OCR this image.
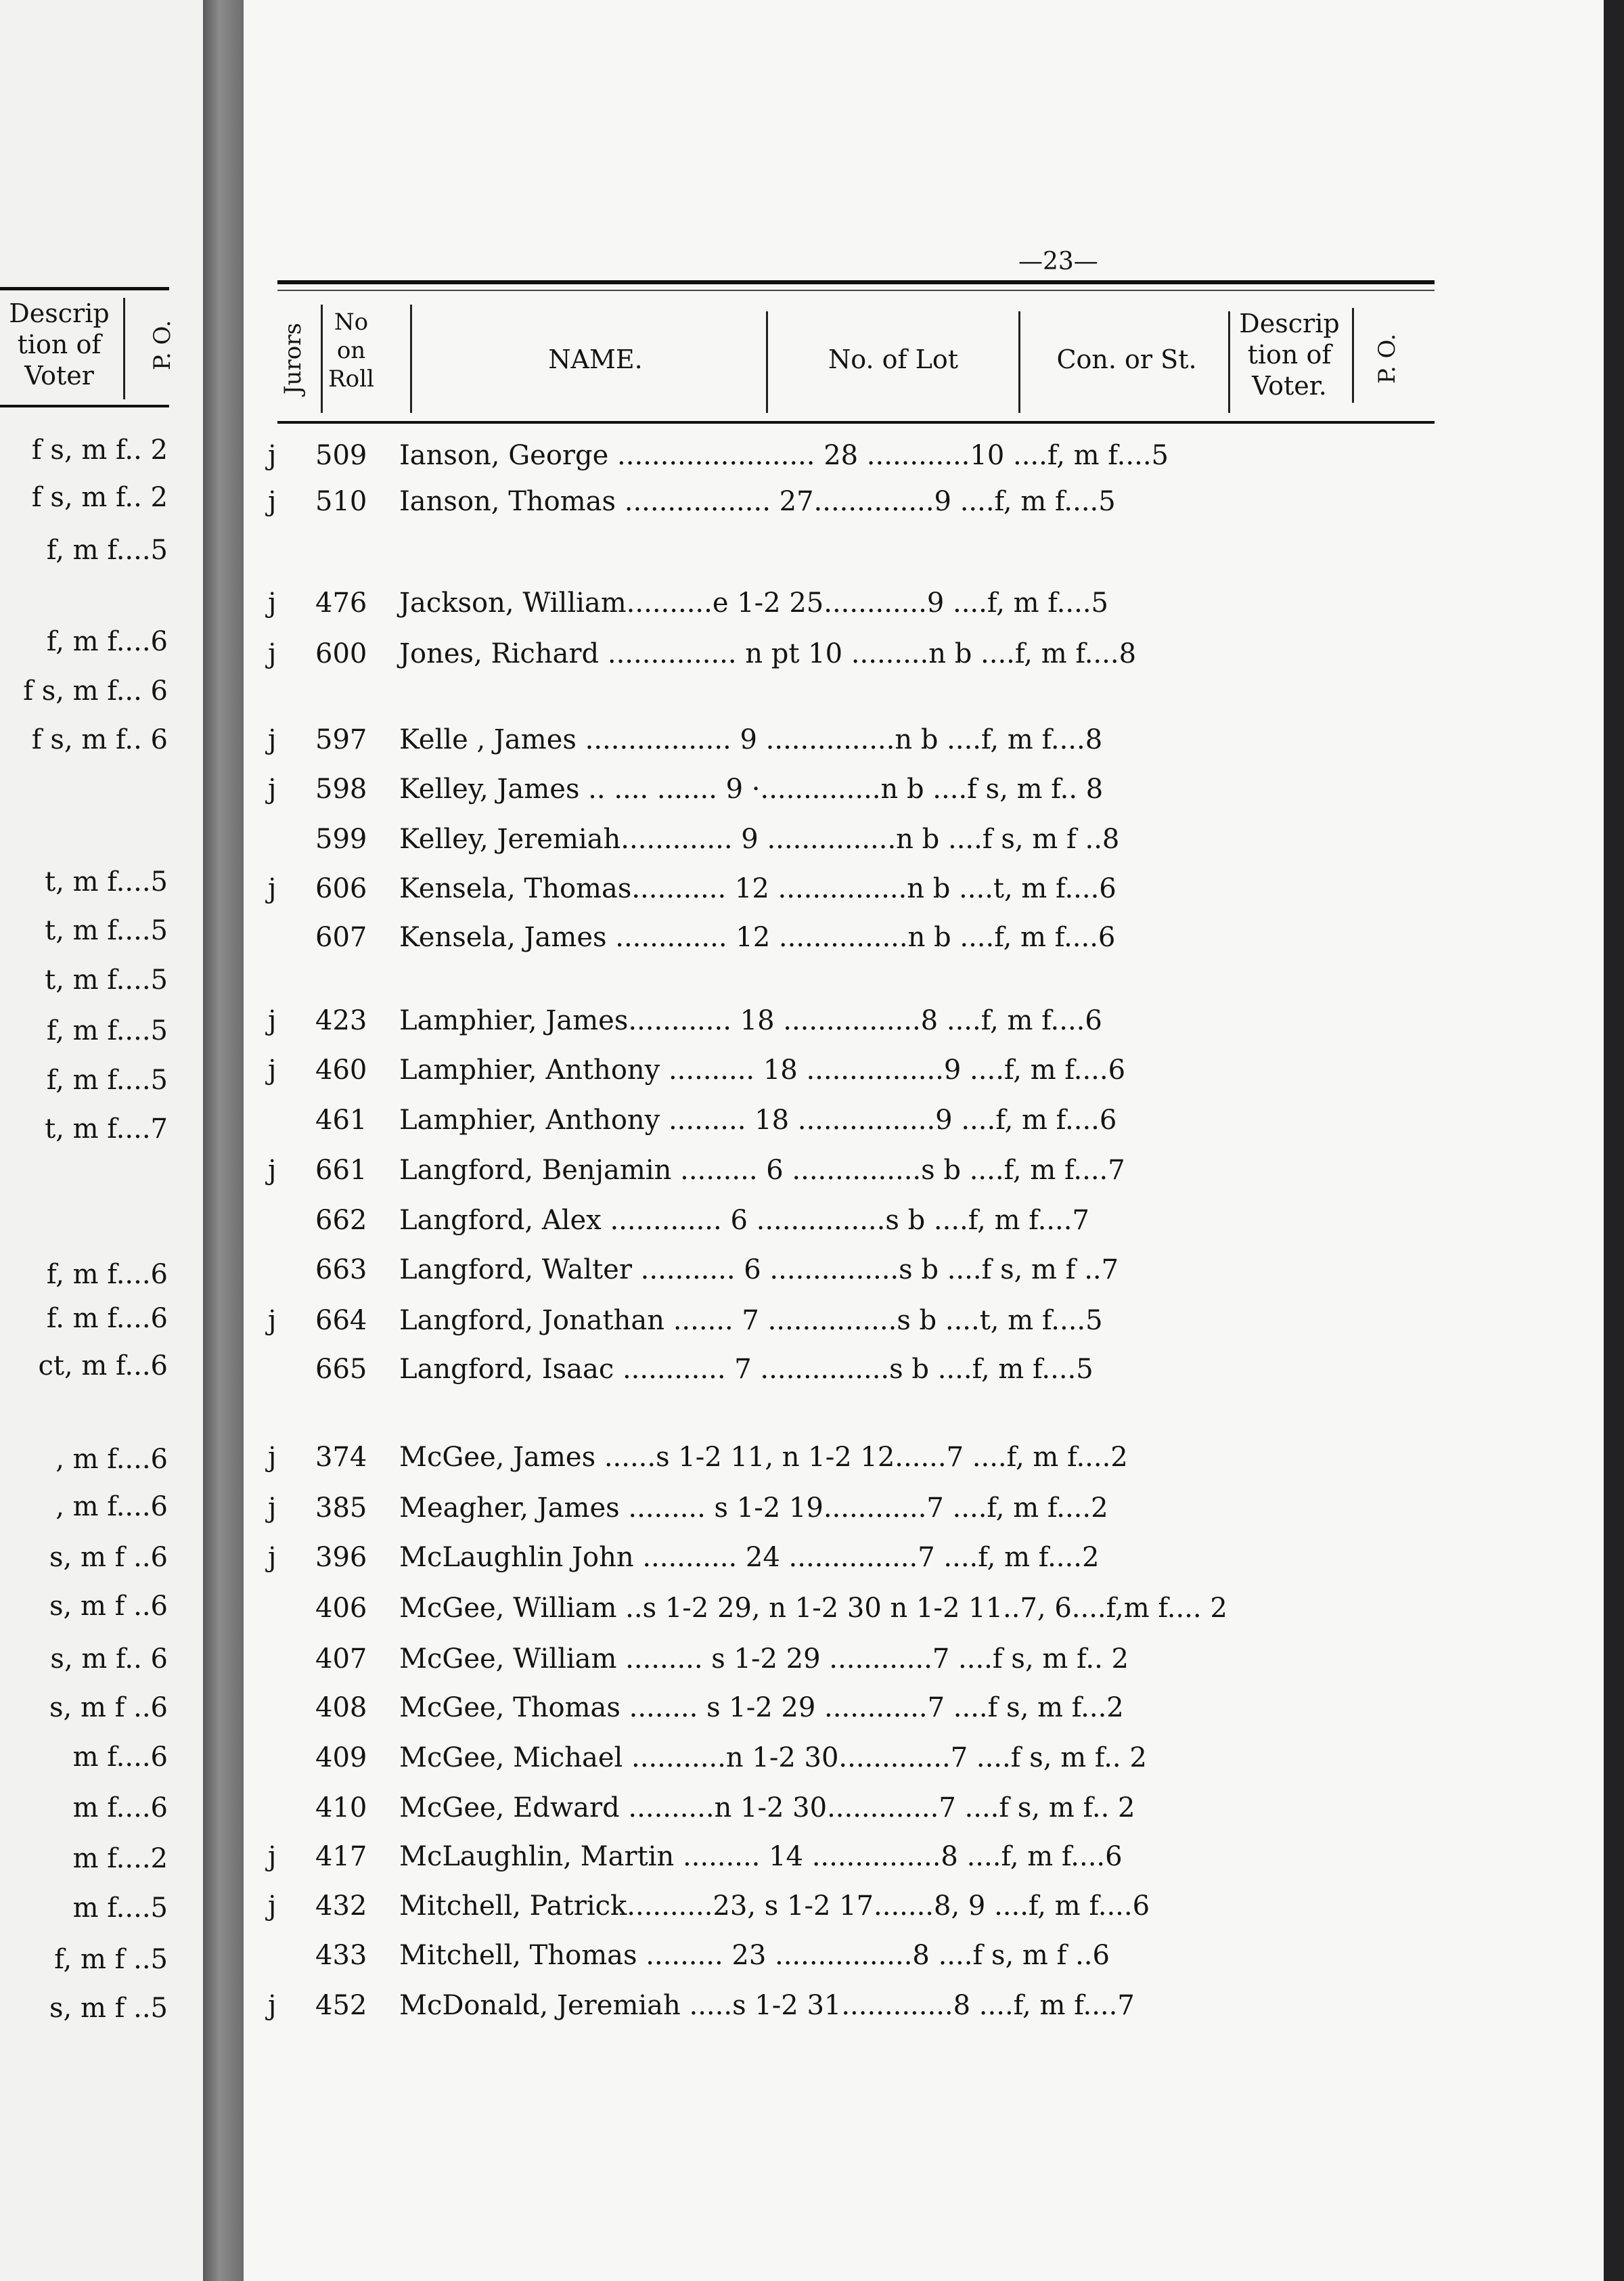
Descrip
tion of
Voter
P. O.
f s, m f.. 2
f s, m f.. 2
f, m f....5
f, m f....6
f s, m f... 6
f s, m f.. 6
t, m f....5
t, m f....5
t, m f....5
f, m f....5
f, m f....5
t, m f....7
f, m f....6
f. m f....6
ct, m f...6
, m f....6
, m f....6
s, m f ..6
s, m f ..6
s, m f.. 6
s, m f ..6
m f....6
m f....6
m f....2
m f....5
f, m f ..5
s, m f ..5
—23—
Jurors
No
on
Roll
NAME.	No. of Lot	Con. or St.
Descrip
tion of
Voter.
P. O.
j 509 Ianson, George ....................... 28 ............10 ....f, m f....5
j 510 Ianson, Thomas ................. 27..............9 ....f, m f....5
j 476 Jackson, William..........e 1-2 25............9 ....f, m f....5
j 600 Jones, Richard ............... n pt 10 .........n b ....f, m f....8
j 597 Kelle , James ................. 9 ...............n b ....f, m f....8
j 598 Kelley, James .. .... ....... 9 ·..............n b ....f s, m f.. 8
599 Kelley, Jeremiah............. 9 ...............n b ....f s, m f ..8
j 606 Kensela, Thomas........... 12 ...............n b ....t, m f....6
607 Kensela, James ............. 12 ...............n b ....f, m f....6
j 423 Lamphier, James............ 18 ................8 ....f, m f....6
j 460 Lamphier, Anthony .......... 18 ................9 ....f, m f....6
461 Lamphier, Anthony ......... 18 ................9 ....f, m f....6
j 661 Langford, Benjamin ......... 6 ...............s b ....f, m f....7
662 Langford, Alex ............. 6 ...............s b ....f, m f....7
663 Langford, Walter ........... 6 ...............s b ....f s, m f ..7
j 664 Langford, Jonathan ....... 7 ...............s b ....t, m f....5
665 Langford, Isaac ............ 7 ...............s b ....f, m f....5
j 374 McGee, James ......s 1-2 11, n 1-2 12......7 ....f, m f....2
j 385 Meagher, James ......... s 1-2 19............7 ....f, m f....2
j 396 McLaughlin John ........... 24 ...............7 ....f, m f....2
406 McGee, William ..s 1-2 29, n 1-2 30 n 1-2 11..7, 6....f,m f.... 2
407 McGee, William ......... s 1-2 29 ............7 ....f s, m f.. 2
408 McGee, Thomas ........ s 1-2 29 ............7 ....f s, m f...2
409 McGee, Michael ...........n 1-2 30.............7 ....f s, m f.. 2
410 McGee, Edward ..........n 1-2 30.............7 ....f s, m f.. 2
j 417 McLaughlin, Martin ......... 14 ...............8 ....f, m f....6
j 432 Mitchell, Patrick..........23, s 1-2 17.......8, 9 ....f, m f....6
433 Mitchell, Thomas ......... 23 ................8 ....f s, m f ..6
j 452 McDonald, Jeremiah .....s 1-2 31.............8 ....f, m f....7
